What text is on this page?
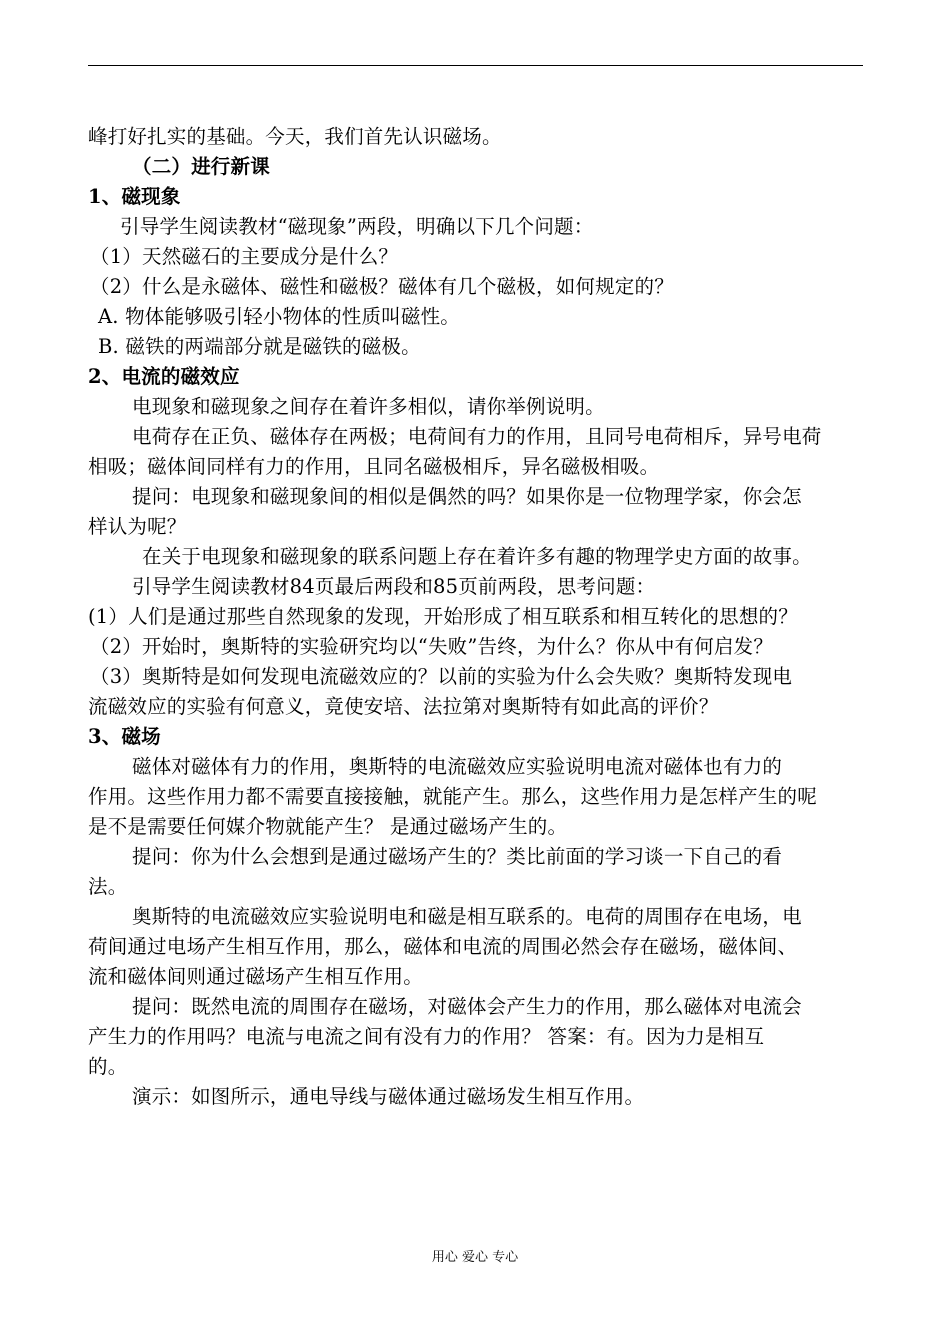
峰打好扎实的基础。今天，我们首先认识磁场。
（二）进行新课
1、磁现象
引导学生阅读教材“磁现象”两段，明确以下几个问题：
（1）天然磁石的主要成分是什么？
（2）什么是永磁体、磁性和磁极？磁体有几个磁极，如何规定的？
A. 物体能够吸引轻小物体的性质叫磁性。
B. 磁铁的两端部分就是磁铁的磁极。
2、电流的磁效应
电现象和磁现象之间存在着许多相似，请你举例说明。
电荷存在正负、磁体存在两极；电荷间有力的作用，且同号电荷相斥，异号电荷
相吸；磁体间同样有力的作用，且同名磁极相斥，异名磁极相吸。
提问：电现象和磁现象间的相似是偶然的吗？如果你是一位物理学家，你会怎
样认为呢？
在关于电现象和磁现象的联系问题上存在着许多有趣的物理学史方面的故事。
引导学生阅读教材84页最后两段和85页前两段，思考问题：
(1）人们是通过那些自然现象的发现，开始形成了相互联系和相互转化的思想的？
（2）开始时，奥斯特的实验研究均以“失败”告终，为什么？你从中有何启发？
（3）奥斯特是如何发现电流磁效应的？以前的实验为什么会失败？奥斯特发现电
流磁效应的实验有何意义，竟使安培、法拉第对奥斯特有如此高的评价？
3、磁场
磁体对磁体有力的作用，奥斯特的电流磁效应实验说明电流对磁体也有力的
作用。这些作用力都不需要直接接触，就能产生。那么，这些作用力是怎样产生的呢
是不是需要任何媒介物就能产生？ 是通过磁场产生的。
提问：你为什么会想到是通过磁场产生的？类比前面的学习谈一下自己的看
法。
奥斯特的电流磁效应实验说明电和磁是相互联系的。电荷的周围存在电场，电
荷间通过电场产生相互作用，那么，磁体和电流的周围必然会存在磁场，磁体间、
流和磁体间则通过磁场产生相互作用。
提问：既然电流的周围存在磁场，对磁体会产生力的作用，那么磁体对电流会
产生力的作用吗？电流与电流之间有没有力的作用？ 答案：有。因为力是相互
的。
演示：如图所示，通电导线与磁体通过磁场发生相互作用。
用心 爱心 专心
